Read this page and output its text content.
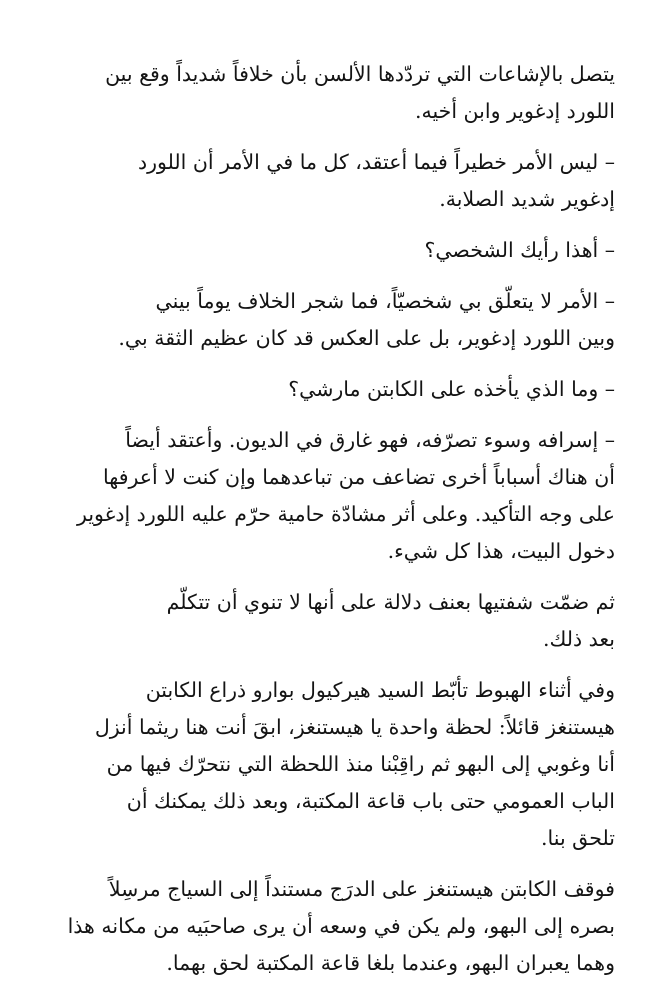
يتصل بالإشاعات التي تردّدها الألسن بأن خلافاً شديداً وقع بين
اللورد إدغوير وابن أخيه.

– ليس الأمر خطيراً فيما أعتقد، كل ما في الأمر أن اللورد
إدغوير شديد الصلابة.

– أهذا رأيك الشخصي؟

– الأمر لا يتعلّق بي شخصيّاً، فما شجر الخلاف يوماً بيني
وبين اللورد إدغوير، بل على العكس قد كان عظيم الثقة بي.

– وما الذي يأخذه على الكابتن مارشي؟

– إسرافه وسوء تصرّفه، فهو غارق في الديون. وأعتقد أيضاً
أن هناك أسباباً أخرى تضاعف من تباعدهما وإن كنت لا أعرفها
على وجه التأكيد. وعلى أثر مشادّة حامية حرّم عليه اللورد إدغوير
دخول البيت، هذا كل شيء.

ثم ضمّت شفتيها بعنف دلالة على أنها لا تنوي أن تتكلّم
بعد ذلك.

وفي أثناء الهبوط تأبّط السيد هيركيول بوارو ذراع الكابتن
هيستنغز قائلاً: لحظة واحدة يا هيستنغز، ابقَ أنت هنا ريثما أنزل
أنا وغوبي إلى البهو ثم راقِبْنا منذ اللحظة التي نتحرّك فيها من
الباب العمومي حتى باب قاعة المكتبة، وبعد ذلك يمكنك أن
تلحق بنا.

فوقف الكابتن هيستنغز على الدرَج مستنداً إلى السياج مرسِلاً
بصره إلى البهو، ولم يكن في وسعه أن يرى صاحبَيه من مكانه هذا
وهما يعبران البهو، وعندما بلغا قاعة المكتبة لحق بهما.
